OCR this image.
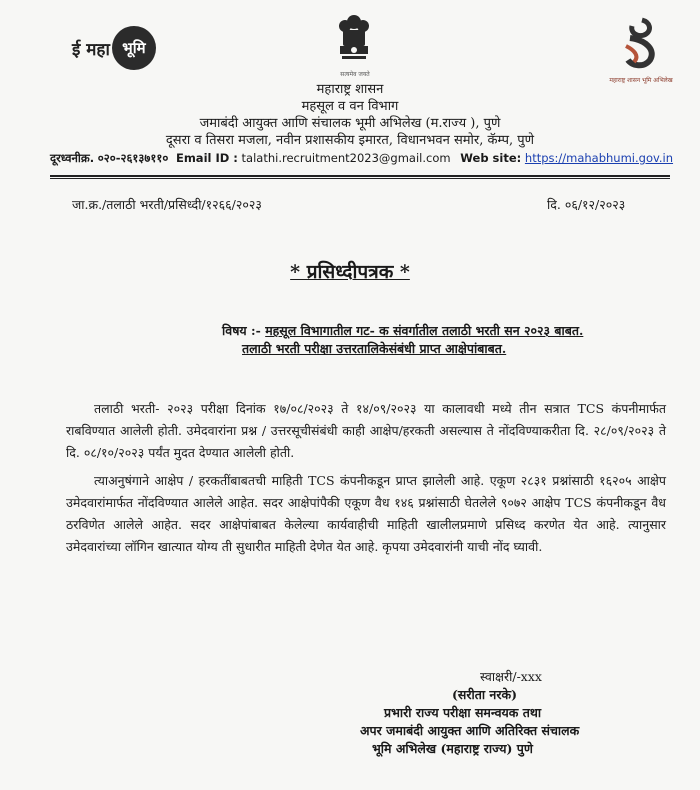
ई महा भूमि
सत्यमेव जयते
महाराष्ट्र शासन भूमि अभिलेख
महाराष्ट्र शासन
महसूल व वन विभाग
जमाबंदी आयुक्त आणि संचालक भूमी अभिलेख (म.राज्य ), पुणे
दूसरा व तिसरा मजला, नवीन प्रशासकीय इमारत, विधानभवन समोर, कॅम्प, पुणे
दूरध्वनीक्र. ०२०-२६१३७११० Email ID : talathi.recruitment2023@gmail.com Web site: https://mahabhumi.gov.in
जा.क्र./तलाठी भरती/प्रसिध्दी/१२६६/२०२३	दि. ०६/१२/२०२३
* प्रसिध्दीपत्रक *
विषय :- महसूल विभागातील गट- क संवर्गातील तलाठी भरती सन २०२३ बाबत.
तलाठी भरती परीक्षा उत्तरतालिकेसंबंधी प्राप्त आक्षेपांबाबत.
तलाठी भरती- २०२३ परीक्षा दिनांक १७/०८/२०२३ ते १४/०९/२०२३ या कालावधी मध्ये तीन सत्रात TCS कंपनीमार्फत राबविण्यात आलेली होती. उमेदवारांना प्रश्न / उत्तरसूचीसंबंधी काही आक्षेप/हरकती असल्यास ते नोंदविण्याकरीता दि. २८/०९/२०२३ ते दि. ०८/१०/२०२३ पर्यंत मुदत देण्यात आलेली होती.
त्याअनुषंगाने आक्षेप / हरकतींबाबतची माहिती TCS कंपनीकडून प्राप्त झालेली आहे. एकूण २८३१ प्रश्नांसाठी १६२०५ आक्षेप उमेदवारांमार्फत नोंदविण्यात आलेले आहेत. सदर आक्षेपांपैकी एकूण वैध १४६ प्रश्नांसाठी घेतलेले ९०७२ आक्षेप TCS कंपनीकडून वैध ठरविणेत आलेले आहेत. सदर आक्षेपांबाबत केलेल्या कार्यवाहीची माहिती खालीलप्रमाणे प्रसिध्द करणेत येत आहे. त्यानुसार उमेदवारांच्या लॉगिन खात्यात योग्य ती सुधारीत माहिती देणेत येत आहे. कृपया उमेदवारांनी याची नोंद घ्यावी.
स्वाक्षरी/-xxx
(सरीता नरके)
प्रभारी राज्य परीक्षा समन्वयक तथा
अपर जमाबंदी आयुक्त आणि अतिरिक्त संचालक
भूमि अभिलेख (महाराष्ट्र राज्य) पुणे
